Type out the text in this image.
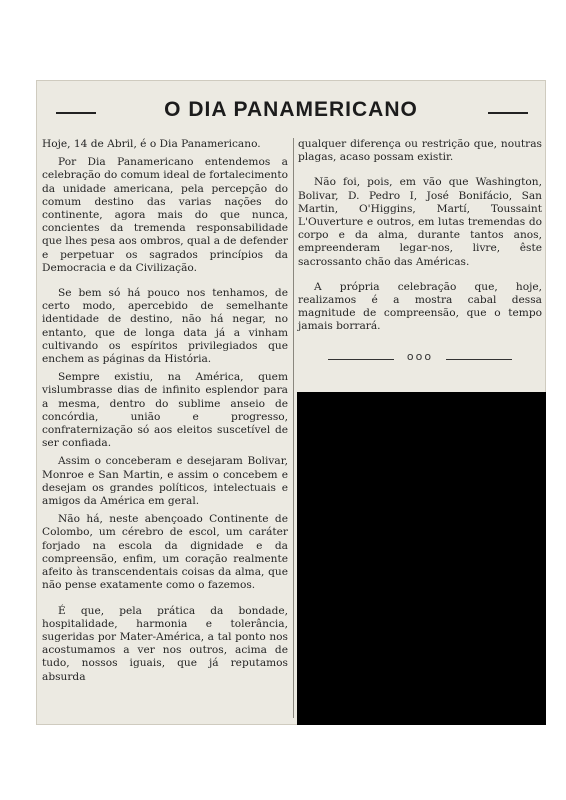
O DIA PANAMERICANO

Hoje, 14 de Abril, é o Dia Panamericano.

Por Dia Panamericano entendemos a celebração do comum ideal de fortalecimento da unidade americana, pela percepção do comum destino das varias nações do continente, agora mais do que nunca, concientes da tremenda responsabilidade que lhes pesa aos ombros, qual a de defender e perpetuar os sagrados princípios da Democracia e da Civilização.

Se bem só há pouco nos tenhamos, de certo modo, apercebido de semelhante identidade de destino, não há negar, no entanto, que de longa data já a vinham cultivando os espíritos privilegiados que enchem as páginas da História.

Sempre existiu, na América, quem vislumbrasse dias de infinito esplendor para a mesma, dentro do sublime anseio de concórdia, união e progresso, confraternização só aos eleitos suscetível de ser confiada.

Assim o conceberam e desejaram Bolivar, Monroe e San Martin, e assim o concebem e desejam os grandes políticos, intelectuais e amigos da América em geral.

Não há, neste abençoado Continente de Colombo, um cérebro de escol, um caráter forjado na escola da dignidade e da compreensão, enfim, um coração realmente afeito às transcendentais coisas da alma, que não pense exatamente como o fazemos.

É que, pela prática da bondade, hospitalidade, harmonia e tolerância, sugeridas por Mater-América, a tal ponto nos acostumamos a ver nos outros, acima de tudo, nossos iguais, que já reputamos absurda

qualquer diferença ou restrição que, noutras plagas, acaso possam existir.

Não foi, pois, em vão que Washington, Bolivar, D. Pedro I, José Bonifácio, San Martin, O'Higgins, Martí, Toussaint L'Ouverture e outros, em lutas tremendas do corpo e da alma, durante tantos anos, empreenderam legar-nos, livre, êste sacrossanto chão das Américas.

A própria celebração que, hoje, realizamos é a mostra cabal dessa magnitude de compreensão, que o tempo jamais borrará.

ooo
